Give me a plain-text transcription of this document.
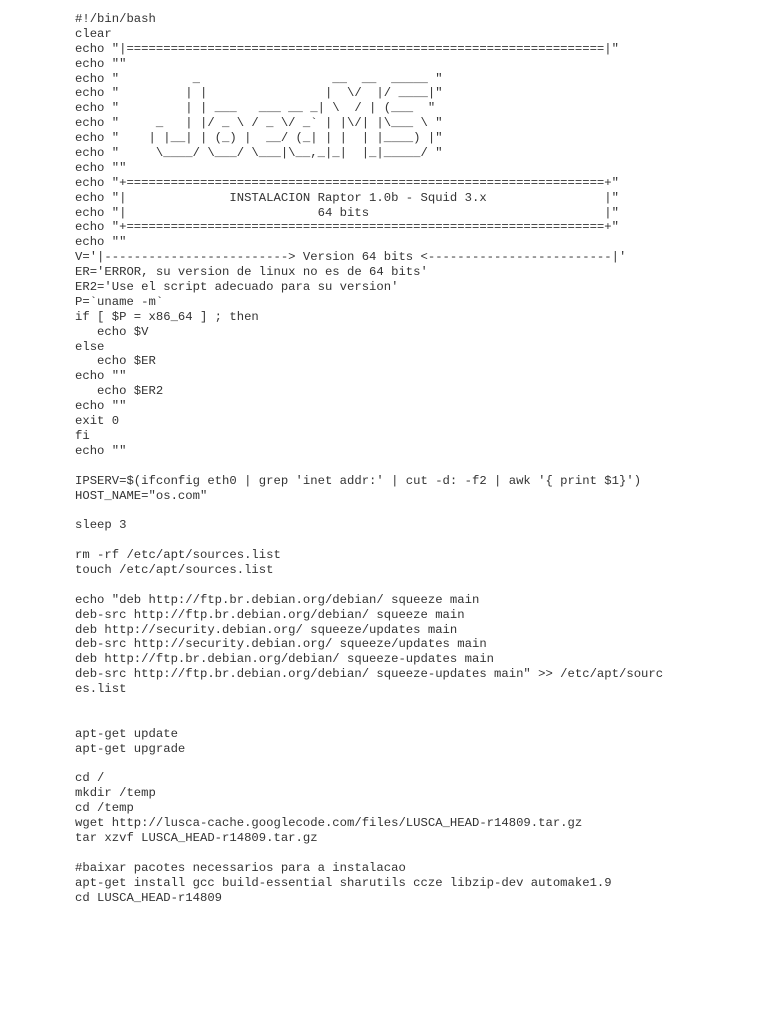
#!/bin/bash
clear
echo "|=================================================================|"
echo ""
echo "          _                  __  __  _____ "
echo "         | |                |  \/  |/ ____|"
echo "         | | ___   ___ __ _| \  / | (___  "
echo "     _   | |/ _ \ / _ \/ _` | |\/| |\___ \ "
echo "    | |__| | (_) |  __/ (_| | |  | |____) |"
echo "     \____/ \___/ \___|\__,_|_|  |_|_____/ "
echo ""
echo "+=================================================================+"
echo "|              INSTALACION Raptor 1.0b - Squid 3.x                |"
echo "|                          64 bits                                |"
echo "+=================================================================+"
echo ""
V='|-------------------------> Version 64 bits <-------------------------|'
ER='ERROR, su version de linux no es de 64 bits'
ER2='Use el script adecuado para su version'
P=`uname -m`
if [ $P = x86_64 ] ; then
echo $V
else
echo $ER
echo ""
echo $ER2
echo ""
exit 0
fi
echo ""

IPSERV=$(ifconfig eth0 | grep 'inet addr:' | cut -d: -f2 | awk '{ print $1}')
HOST_NAME="os.com"

sleep 3

rm -rf /etc/apt/sources.list
touch /etc/apt/sources.list

echo "deb http://ftp.br.debian.org/debian/ squeeze main
deb-src http://ftp.br.debian.org/debian/ squeeze main
deb http://security.debian.org/ squeeze/updates main
deb-src http://security.debian.org/ squeeze/updates main
deb http://ftp.br.debian.org/debian/ squeeze-updates main
deb-src http://ftp.br.debian.org/debian/ squeeze-updates main" >> /etc/apt/sourc
es.list

apt-get update
apt-get upgrade

cd /
mkdir /temp
cd /temp
wget http://lusca-cache.googlecode.com/files/LUSCA_HEAD-r14809.tar.gz
tar xzvf LUSCA_HEAD-r14809.tar.gz

#baixar pacotes necessarios para a instalacao
apt-get install gcc build-essential sharutils ccze libzip-dev automake1.9
cd LUSCA_HEAD-r14809
